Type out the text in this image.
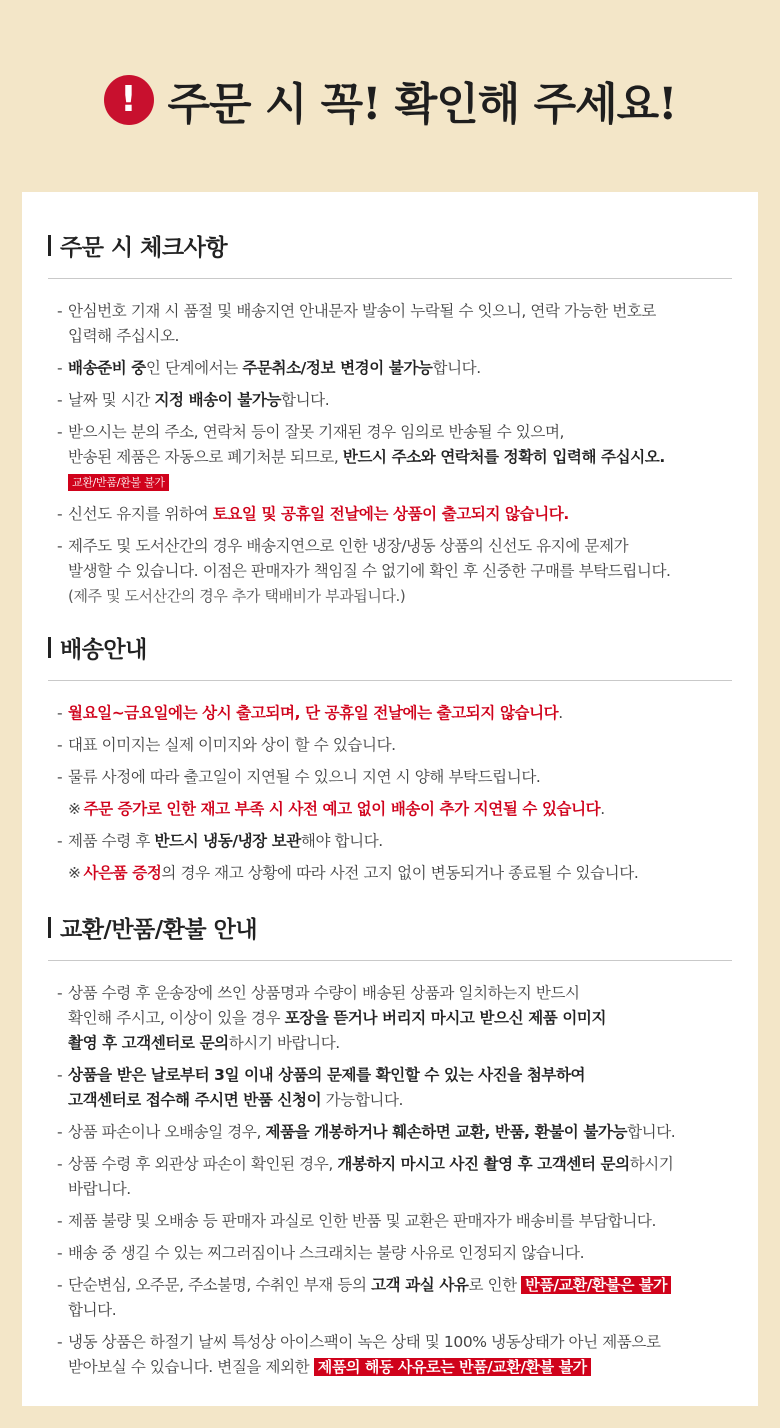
! 주문 시 꼭! 확인해 주세요!
주문 시 체크사항
- 안심번호 기재 시 품절 및 배송지연 안내문자 발송이 누락될 수 잇으니, 연락 가능한 번호로
입력해 주십시오.
- 배송준비 중인 단계에서는 주문취소/정보 변경이 불가능합니다.
- 날짜 및 시간 지정 배송이 불가능합니다.
- 받으시는 분의 주소, 연락처 등이 잘못 기재된 경우 임의로 반송될 수 있으며,
반송된 제품은 자동으로 폐기처분 되므로, 반드시 주소와 연락처를 정확히 입력해 주십시오.
교환/반품/환불 불가
- 신선도 유지를 위하여 토요일 및 공휴일 전날에는 상품이 출고되지 않습니다.
- 제주도 및 도서산간의 경우 배송지연으로 인한 냉장/냉동 상품의 신선도 유지에 문제가
발생할 수 있습니다. 이점은 판매자가 책임질 수 없기에 확인 후 신중한 구매를 부탁드립니다.
(제주 및 도서산간의 경우 추가 택배비가 부과됩니다.)
배송안내
- 월요일~금요일에는 상시 출고되며, 단 공휴일 전날에는 출고되지 않습니다.
- 대표 이미지는 실제 이미지와 상이 할 수 있습니다.
- 물류 사정에 따라 출고일이 지연될 수 있으니 지연 시 양해 부탁드립니다.
※ 주문 증가로 인한 재고 부족 시 사전 예고 없이 배송이 추가 지연될 수 있습니다.
- 제품 수령 후 반드시 냉동/냉장 보관해야 합니다.
※ 사은품 증정의 경우 재고 상황에 따라 사전 고지 없이 변동되거나 종료될 수 있습니다.
교환/반품/환불 안내
- 상품 수령 후 운송장에 쓰인 상품명과 수량이 배송된 상품과 일치하는지 반드시
확인해 주시고, 이상이 있을 경우 포장을 뜯거나 버리지 마시고 받으신 제품 이미지
촬영 후 고객센터로 문의하시기 바랍니다.
- 상품을 받은 날로부터 3일 이내 상품의 문제를 확인할 수 있는 사진을 첨부하여
고객센터로 접수해 주시면 반품 신청이 가능합니다.
- 상품 파손이나 오배송일 경우, 제품을 개봉하거나 훼손하면 교환, 반품, 환불이 불가능합니다.
- 상품 수령 후 외관상 파손이 확인된 경우, 개봉하지 마시고 사진 촬영 후 고객센터 문의하시기
바랍니다.
- 제품 불량 및 오배송 등 판매자 과실로 인한 반품 및 교환은 판매자가 배송비를 부담합니다.
- 배송 중 생길 수 있는 찌그러짐이나 스크래치는 불량 사유로 인정되지 않습니다.
- 단순변심, 오주문, 주소불명, 수취인 부재 등의 고객 과실 사유로 인한 반품/교환/환불은 불가
합니다.
- 냉동 상품은 하절기 날씨 특성상 아이스팩이 녹은 상태 및 100% 냉동상태가 아닌 제품으로
받아보실 수 있습니다. 변질을 제외한 제품의 해동 사유로는 반품/교환/환불 불가
